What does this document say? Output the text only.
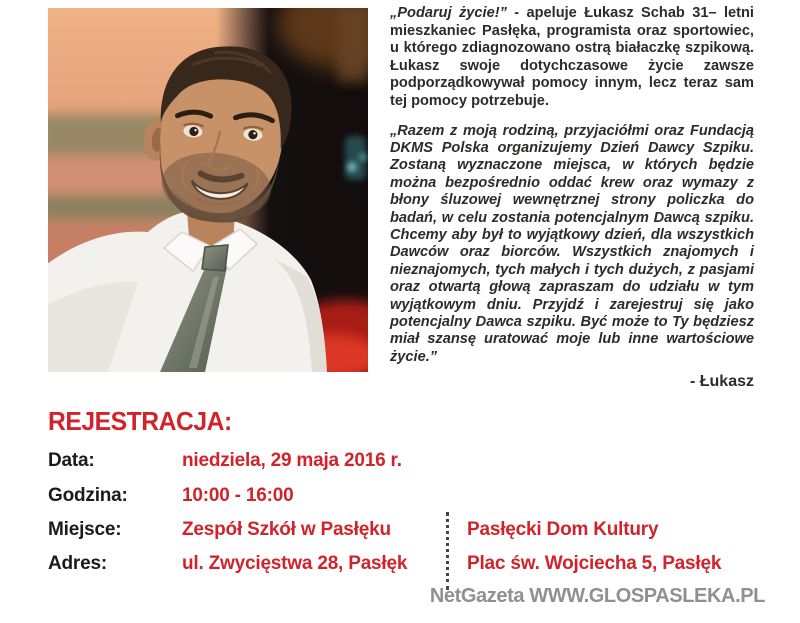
„Podaruj życie!” - apeluje Łukasz Schab 31– letni mieszkaniec Pasłęka, programista oraz sportowiec, u którego zdiagnozowano ostrą białaczkę szpikową. Łukasz swoje dotychczasowe życie zawsze podporządkowywał pomocy innym, lecz teraz sam tej pomocy potrzebuje.

„Razem z moją rodziną, przyjaciółmi oraz Fundacją DKMS Polska organizujemy Dzień Dawcy Szpiku. Zostaną wyznaczone miejsca, w których będzie można bezpośrednio oddać krew oraz wymazy z błony śluzowej wewnętrznej strony policzka do badań, w celu zostania potencjalnym Dawcą szpiku. Chcemy aby był to wyjątkowy dzień, dla wszystkich Dawców oraz biorców. Wszystkich znajomych i nieznajomych, tych małych i tych dużych, z pasjami oraz otwartą głową zapraszam do udziału w tym wyjątkowym dniu. Przyjdź i zarejestruj się jako potencjalny Dawca szpiku. Być może to Ty będziesz miał szansę uratować moje lub inne wartościowe życie.”

- Łukasz

REJESTRACJA:
Data:	niedziela, 29 maja 2016 r.
Godzina:	10:00 - 16:00
Miejsce:	Zespół Szkół w Pasłęku	Pasłęcki Dom Kultury
Adres:	ul. Zwycięstwa 28, Pasłęk	Plac św. Wojciecha 5, Pasłęk
NetGazeta WWW.GLOSPASLEKA.PL
